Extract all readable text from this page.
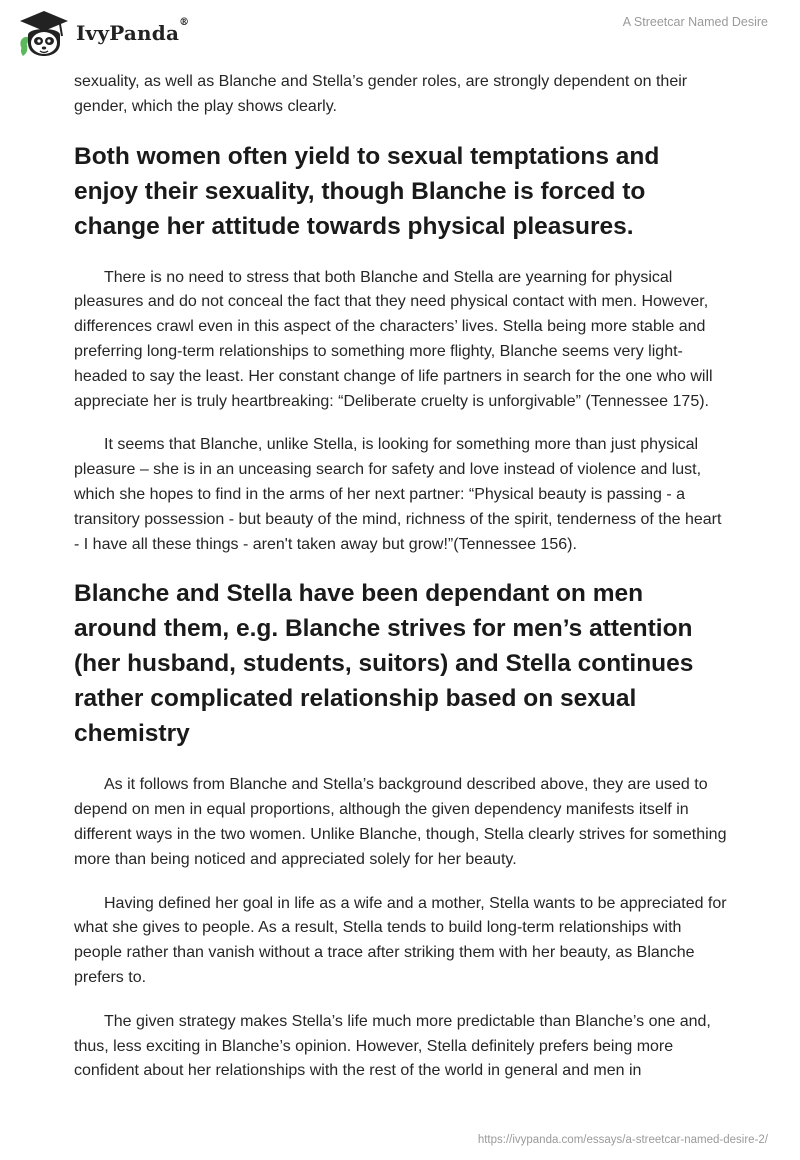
IvyPanda®	A Streetcar Named Desire

sexuality, as well as Blanche and Stella’s gender roles, are strongly dependent on their gender, which the play shows clearly.

Both women often yield to sexual temptations and enjoy their sexuality, though Blanche is forced to change her attitude towards physical pleasures.

There is no need to stress that both Blanche and Stella are yearning for physical pleasures and do not conceal the fact that they need physical contact with men. However, differences crawl even in this aspect of the characters’ lives. Stella being more stable and preferring long-term relationships to something more flighty, Blanche seems very light-headed to say the least. Her constant change of life partners in search for the one who will appreciate her is truly heartbreaking: “Deliberate cruelty is unforgivable” (Tennessee 175).

It seems that Blanche, unlike Stella, is looking for something more than just physical pleasure – she is in an unceasing search for safety and love instead of violence and lust, which she hopes to find in the arms of her next partner: “Physical beauty is passing - a transitory possession - but beauty of the mind, richness of the spirit, tenderness of the heart - I have all these things - aren't taken away but grow!”(Tennessee 156).

Blanche and Stella have been dependant on men around them, e.g. Blanche strives for men’s attention (her husband, students, suitors) and Stella continues rather complicated relationship based on sexual chemistry

As it follows from Blanche and Stella’s background described above, they are used to depend on men in equal proportions, although the given dependency manifests itself in different ways in the two women. Unlike Blanche, though, Stella clearly strives for something more than being noticed and appreciated solely for her beauty.

Having defined her goal in life as a wife and a mother, Stella wants to be appreciated for what she gives to people. As a result, Stella tends to build long-term relationships with people rather than vanish without a trace after striking them with her beauty, as Blanche prefers to.

The given strategy makes Stella’s life much more predictable than Blanche’s one and, thus, less exciting in Blanche’s opinion. However, Stella definitely prefers being more confident about her relationships with the rest of the world in general and men in

https://ivypanda.com/essays/a-streetcar-named-desire-2/
